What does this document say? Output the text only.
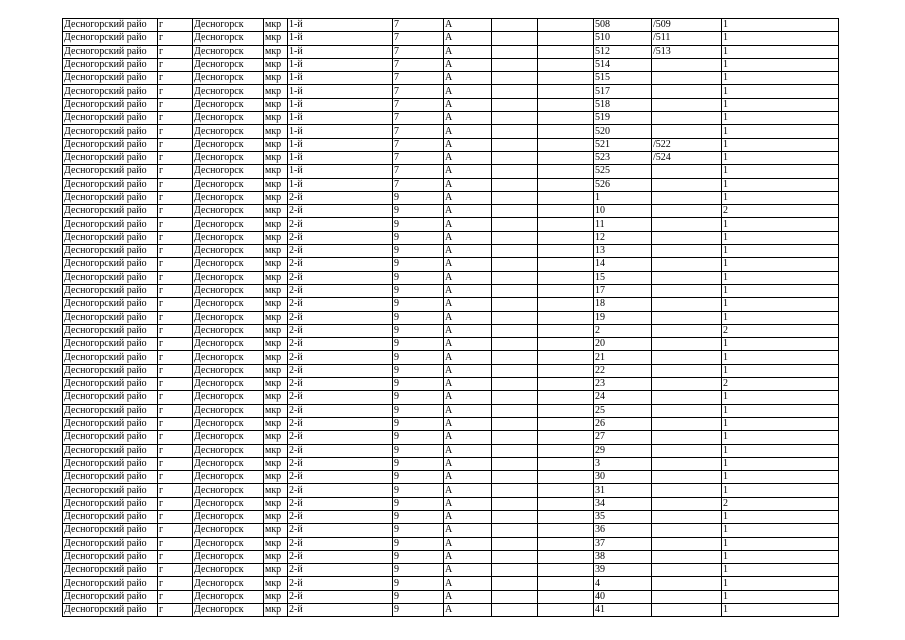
Десногорский райо	г	Десногорск	мкр	1-й	7	А			508	/509	1
Десногорский райо	г	Десногорск	мкр	1-й	7	А			510	/511	1
Десногорский райо	г	Десногорск	мкр	1-й	7	А			512	/513	1
Десногорский райо	г	Десногорск	мкр	1-й	7	А			514		1
Десногорский райо	г	Десногорск	мкр	1-й	7	А			515		1
Десногорский райо	г	Десногорск	мкр	1-й	7	А			517		1
Десногорский райо	г	Десногорск	мкр	1-й	7	А			518		1
Десногорский райо	г	Десногорск	мкр	1-й	7	А			519		1
Десногорский райо	г	Десногорск	мкр	1-й	7	А			520		1
Десногорский райо	г	Десногорск	мкр	1-й	7	А			521	/522	1
Десногорский райо	г	Десногорск	мкр	1-й	7	А			523	/524	1
Десногорский райо	г	Десногорск	мкр	1-й	7	А			525		1
Десногорский райо	г	Десногорск	мкр	1-й	7	А			526		1
Десногорский райо	г	Десногорск	мкр	2-й	9	А			1		1
Десногорский райо	г	Десногорск	мкр	2-й	9	А			10		2
Десногорский райо	г	Десногорск	мкр	2-й	9	А			11		1
Десногорский райо	г	Десногорск	мкр	2-й	9	А			12		1
Десногорский райо	г	Десногорск	мкр	2-й	9	А			13		1
Десногорский райо	г	Десногорск	мкр	2-й	9	А			14		1
Десногорский райо	г	Десногорск	мкр	2-й	9	А			15		1
Десногорский райо	г	Десногорск	мкр	2-й	9	А			17		1
Десногорский райо	г	Десногорск	мкр	2-й	9	А			18		1
Десногорский райо	г	Десногорск	мкр	2-й	9	А			19		1
Десногорский райо	г	Десногорск	мкр	2-й	9	А			2		2
Десногорский райо	г	Десногорск	мкр	2-й	9	А			20		1
Десногорский райо	г	Десногорск	мкр	2-й	9	А			21		1
Десногорский райо	г	Десногорск	мкр	2-й	9	А			22		1
Десногорский райо	г	Десногорск	мкр	2-й	9	А			23		2
Десногорский райо	г	Десногорск	мкр	2-й	9	А			24		1
Десногорский райо	г	Десногорск	мкр	2-й	9	А			25		1
Десногорский райо	г	Десногорск	мкр	2-й	9	А			26		1
Десногорский райо	г	Десногорск	мкр	2-й	9	А			27		1
Десногорский райо	г	Десногорск	мкр	2-й	9	А			29		1
Десногорский райо	г	Десногорск	мкр	2-й	9	А			3		1
Десногорский райо	г	Десногорск	мкр	2-й	9	А			30		1
Десногорский райо	г	Десногорск	мкр	2-й	9	А			31		1
Десногорский райо	г	Десногорск	мкр	2-й	9	А			34		2
Десногорский райо	г	Десногорск	мкр	2-й	9	А			35		1
Десногорский райо	г	Десногорск	мкр	2-й	9	А			36		1
Десногорский райо	г	Десногорск	мкр	2-й	9	А			37		1
Десногорский райо	г	Десногорск	мкр	2-й	9	А			38		1
Десногорский райо	г	Десногорск	мкр	2-й	9	А			39		1
Десногорский райо	г	Десногорск	мкр	2-й	9	А			4		1
Десногорский райо	г	Десногорск	мкр	2-й	9	А			40		1
Десногорский райо	г	Десногорск	мкр	2-й	9	А			41		1
